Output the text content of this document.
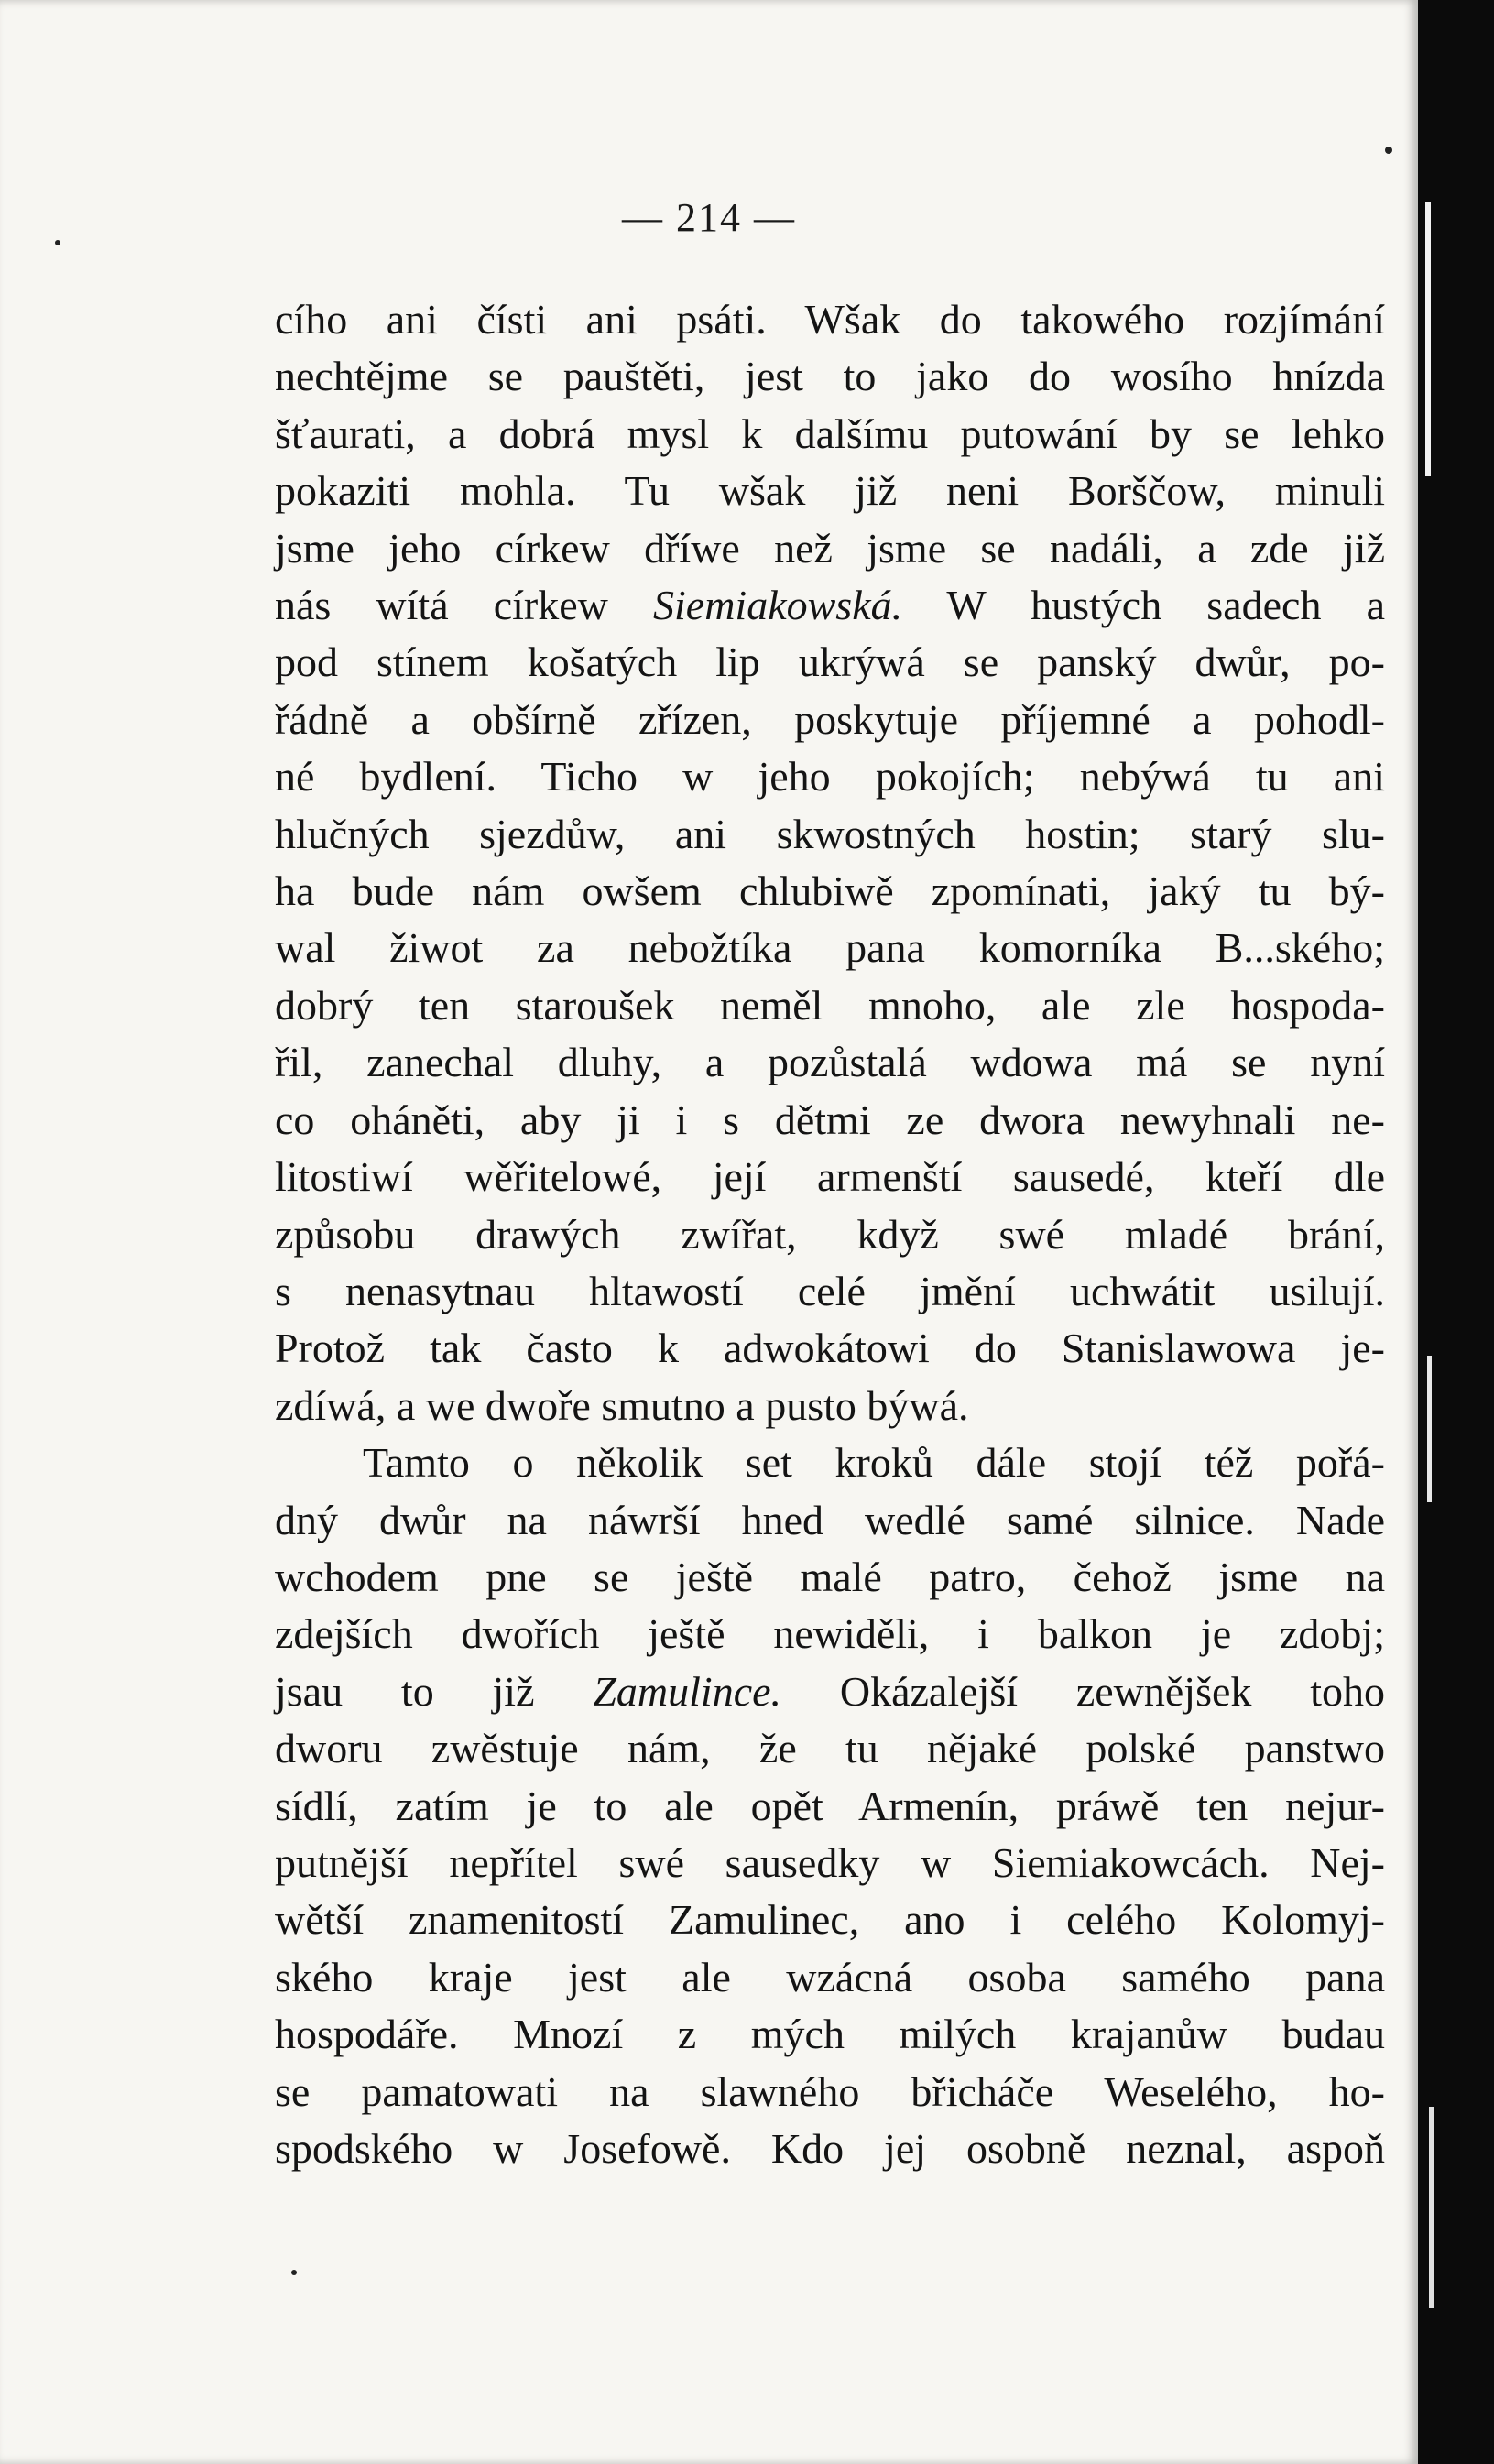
— 214 —
cího ani čísti ani psáti. Wšak do takowého rozjímání
nechtějme se pauštěti, jest to jako do wosího hnízda
šťaurati, a dobrá mysl k dalšímu putowání by se lehko
pokaziti mohla. Tu wšak již neni Borščow, minuli
jsme jeho církew dříwe než jsme se nadáli, a zde již
nás wítá církew Siemiakowská. W hustých sadech a
pod stínem košatých lip ukrýwá se panský dwůr, po-
řádně a obšírně zřízen, poskytuje příjemné a pohodl-
né bydlení. Ticho w jeho pokojích; nebýwá tu ani
hlučných sjezdůw, ani skwostných hostin; starý slu-
ha bude nám owšem chlubiwě zpomínati, jaký tu bý-
wal žiwot za nebožtíka pana komorníka B...ského;
dobrý ten staroušek neměl mnoho, ale zle hospoda-
řil, zanechal dluhy, a pozůstalá wdowa má se nyní
co oháněti, aby ji i s dětmi ze dwora newyhnali ne-
litostiwí wěřitelowé, její armenští sausedé, kteří dle
způsobu drawých zwířat, když swé mladé brání,
s nenasytnau hltawostí celé jmění uchwátit usilují.
Protož tak často k adwokátowi do Stanislawowa je-
zdíwá, a we dwoře smutno a pusto býwá.
Tamto o několik set kroků dále stojí též pořá-
dný dwůr na náwrší hned wedlé samé silnice. Nade
wchodem pne se ještě malé patro, čehož jsme na
zdejších dwořích ještě newiděli, i balkon je zdobj;
jsau to již Zamulince. Okázalejší zewnějšek toho
dworu zwěstuje nám, že tu nějaké polské panstwo
sídlí, zatím je to ale opět Armenín, práwě ten nejur-
putnější nepřítel swé sausedky w Siemiakowcách. Nej-
wětší znamenitostí Zamulinec, ano i celého Kolomyj-
ského kraje jest ale wzácná osoba samého pana
hospodáře. Mnozí z mých milých krajanůw budau
se pamatowati na slawného břicháče Weselého, ho-
spodského w Josefowě. Kdo jej osobně neznal, aspoň
